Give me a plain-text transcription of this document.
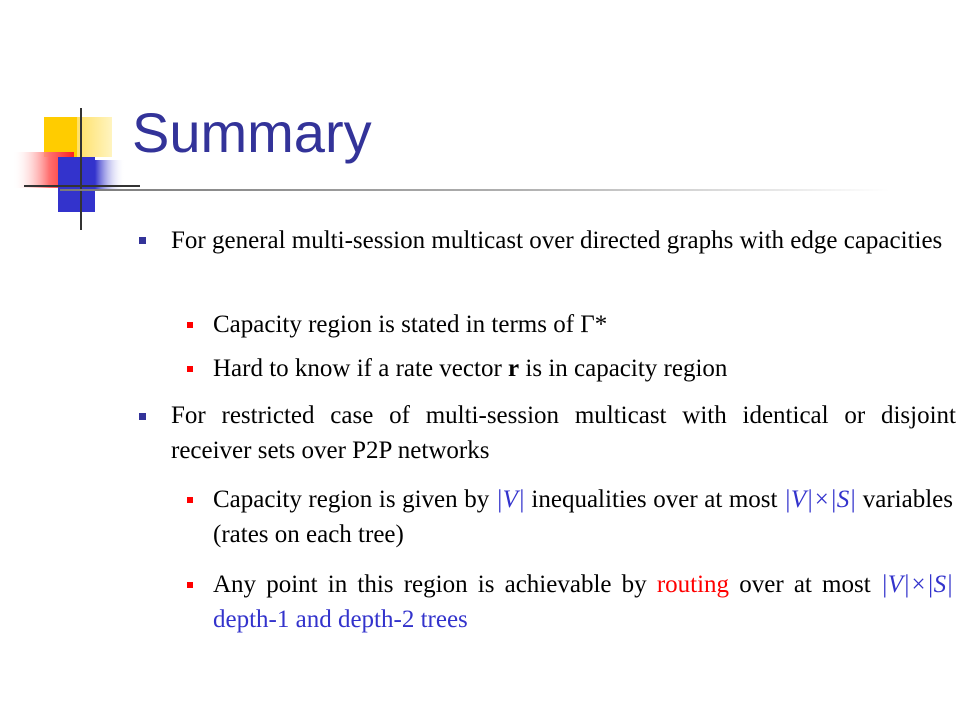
Summary

For general multi-session multicast over directed graphs with edge capacities

Capacity region is stated in terms of Γ*

Hard to know if a rate vector r is in capacity region

For restricted case of multi-session multicast with identical or disjoint receiver sets over P2P networks

Capacity region is given by |V| inequalities over at most |V|×|S| variables (rates on each tree)

Any point in this region is achievable by routing over at most |V|×|S| depth-1 and depth-2 trees
